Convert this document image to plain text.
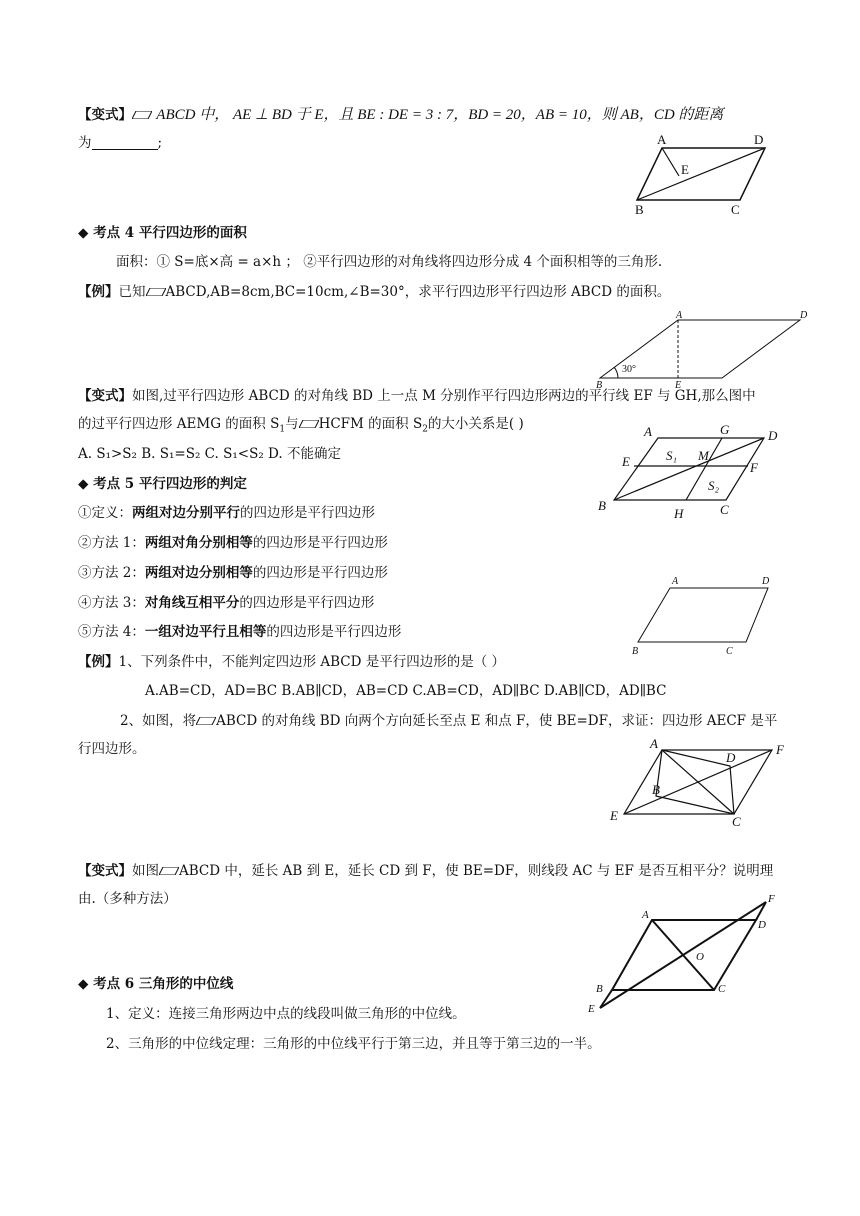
【变式】 ABCD 中， AE ⊥ BD 于 E，且 BE : DE = 3 : 7，BD = 20，AB = 10，则 AB，CD 的距离
为	;	A	D
E
B	C
◆ 考点 4 平行四边形的面积
面积：① S=底×高 = a×h ； ②平行四边形的对角线将四边形分成 4 个面积相等的三角形.
【例】已知 ABCD,AB=8cm,BC=10cm,∠B=30°，求平行四边形平行四边形 ABCD 的面积。
A	D
B	E
30°
【变式】如图,过平行四边形 ABCD 的对角线 BD 上一点 M 分别作平行四边形两边的平行线 EF 与 GH,那么图中
的过平行四边形 AEMG 的面积 $S_1$与 HCFM 的面积 $S_2$的大小关系是( )
A. S₁>S₂ B. S₁=S₂ C. S₁<S₂ D. 不能确定
A	G	D
E	M
F
S₁
S₂
B
H	C
◆ 考点 5 平行四边形的判定
①定义：两组对边分别平行的四边形是平行四边形
②方法 1：两组对角分别相等的四边形是平行四边形
③方法 2：两组对边分别相等的四边形是平行四边形
④方法 3：对角线互相平分的四边形是平行四边形
⑤方法 4：一组对边平行且相等的四边形是平行四边形
A	D
B	C
【例】1、下列条件中，不能判定四边形 ABCD 是平行四边形的是（ ）
A.AB=CD，AD=BC B.AB∥CD，AB=CD C.AB=CD，AD∥BC D.AB∥CD，AD∥BC
2、如图，将 ABCD 的对角线 BD 向两个方向延长至点 E 和点 F，使 BE=DF，求证：四边形 AECF 是平
行四边形。	A
D
F
B
E	C
【变式】如图 ABCD 中，延长 AB 到 E，延长 CD 到 F，使 BE=DF，则线段 AC 与 EF 是否互相平分？说明理
由.（多种方法）	F
A
D
O
B
E
C
◆ 考点 6 三角形的中位线
1、定义：连接三角形两边中点的线段叫做三角形的中位线。
2、三角形的中位线定理：三角形的中位线平行于第三边，并且等于第三边的一半。
